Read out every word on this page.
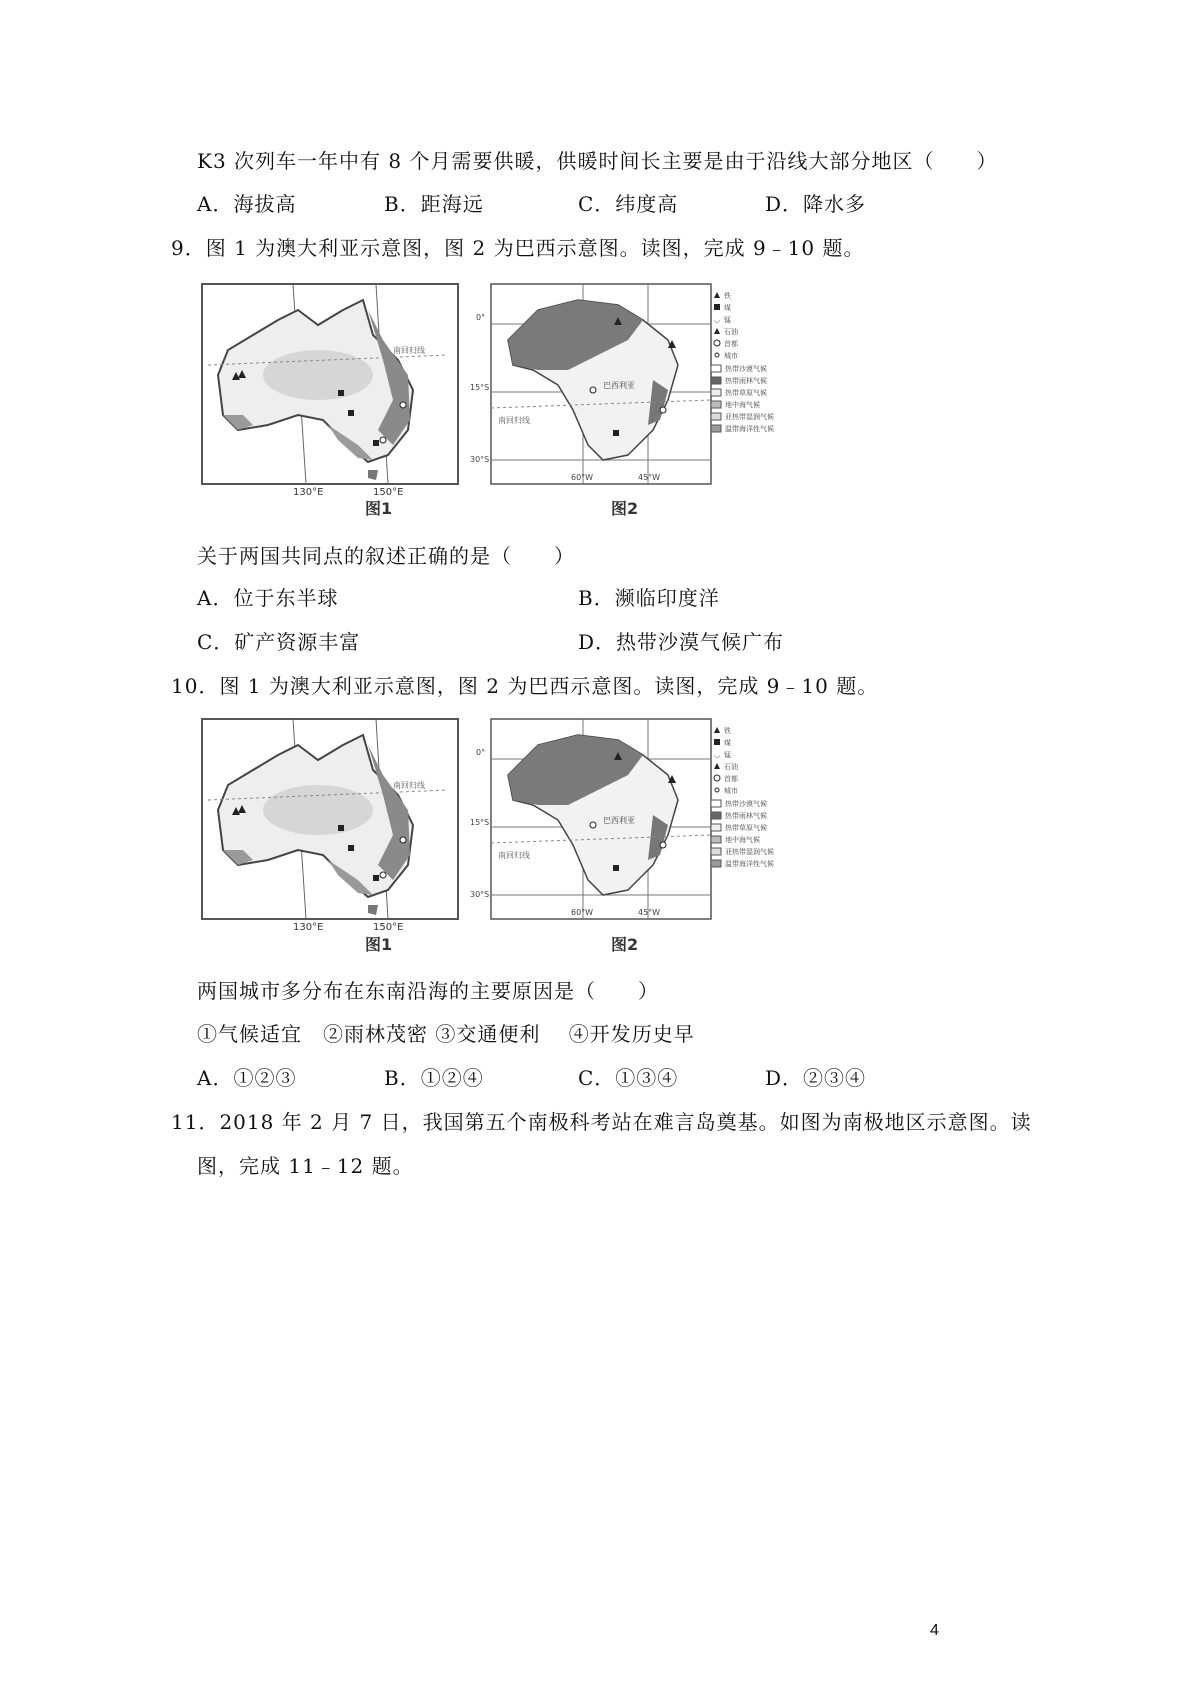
K3 次列车一年中有 8 个月需要供暖，供暖时间长主要是由于沿线大部分地区（　　）
A．海拔高	B．距海远	C．纬度高	D．降水多
9．图 1 为澳大利亚示意图，图 2 为巴西示意图。读图，完成 9﹣10 题。
南回归线
130°E	150°E
南回归线
巴西利亚
0°
15°S
30°S
60°W	45°W
铁
煤
◡ 锰
石油
首都
城市
热带沙漠气候
热带雨林气候
热带草原气候
地中海气候
亚热带湿润气候
温带海洋性气候
图1	图2
关于两国共同点的叙述正确的是（　　）
A．位于东半球	B．濒临印度洋
C．矿产资源丰富	D．热带沙漠气候广布
10．图 1 为澳大利亚示意图，图 2 为巴西示意图。读图，完成 9﹣10 题。
南回归线
130°E	150°E
南回归线
巴西利亚
0°
15°S
30°S
60°W	45°W
铁
煤
◡ 锰
石油
首都
城市
热带沙漠气候
热带雨林气候
热带草原气候
地中海气候
亚热带湿润气候
温带海洋性气候
图1	图2
两国城市多分布在东南沿海的主要原因是（　　）
①气候适宜　②雨林茂密 ③交通便利　 ④开发历史早
A．①②③	B．①②④	C．①③④	D．②③④
11．2018 年 2 月 7 日，我国第五个南极科考站在难言岛奠基。如图为南极地区示意图。读
图，完成 11﹣12 题。
4
